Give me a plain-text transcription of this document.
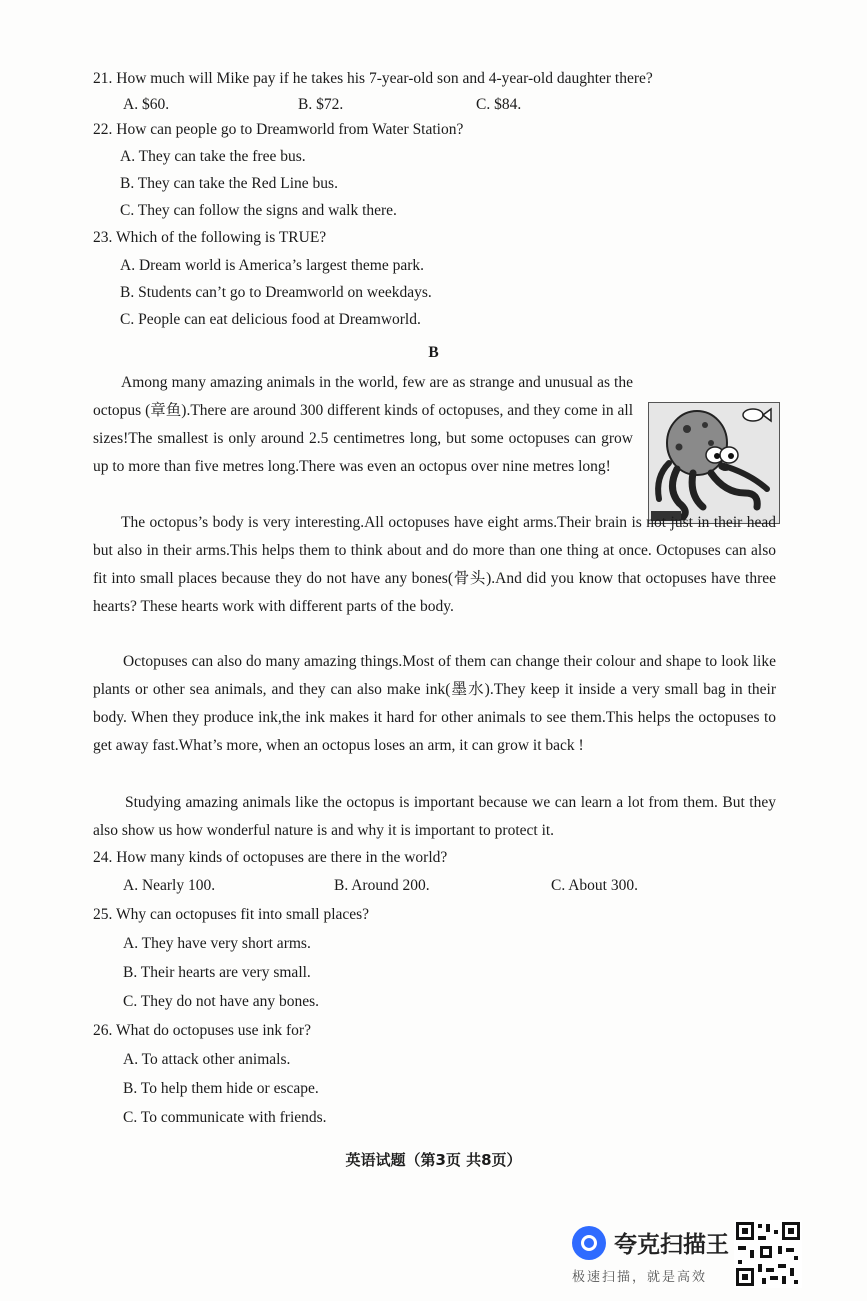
21. How much will Mike pay if he takes his 7-year-old son and 4-year-old daughter there?
A. $60.	B. $72.	C. $84.
22. How can people go to Dreamworld from Water Station?
A. They can take the free bus.
B. They can take the Red Line bus.
C. They can follow the signs and walk there.
23. Which of the following is TRUE?
A. Dream world is America’s largest theme park.
B. Students can’t go to Dreamworld on weekdays.
C. People can eat delicious food at Dreamworld.
B
Among many amazing animals in the world, few are as strange and unusual as the octopus (章鱼).There are around 300 different kinds of octopuses, and they come in all sizes!The smallest is only around 2.5 centimetres long, but some octopuses can grow up to more than five metres long.There was even an octopus over nine metres long!
The octopus’s body is very interesting.All octopuses have eight arms.Their brain is not just in their head but also in their arms.This helps them to think about and do more than one thing at once. Octopuses can also fit into small places because they do not have any bones(骨头).And did you know that octopuses have three hearts? These hearts work with different parts of the body.
Octopuses can also do many amazing things.Most of them can change their colour and shape to look like plants or other sea animals, and they can also make ink(墨水).They keep it inside a very small bag in their body. When they produce ink,the ink makes it hard for other animals to see them.This helps the octopuses to get away fast.What’s more, when an octopus loses an arm, it can grow it back !
Studying amazing animals like the octopus is important because we can learn a lot from them. But they also show us how wonderful nature is and why it is important to protect it.
24. How many kinds of octopuses are there in the world?
A. Nearly 100.	B. Around 200.	C. About 300.
25. Why can octopuses fit into small places?
A. They have very short arms.
B. Their hearts are very small.
C. They do not have any bones.
26. What do octopuses use ink for?
A. To attack other animals.
B. To help them hide or escape.
C. To communicate with friends.
英语试题（第3页 共8页）
夸克扫描王
极速扫描，就是高效
